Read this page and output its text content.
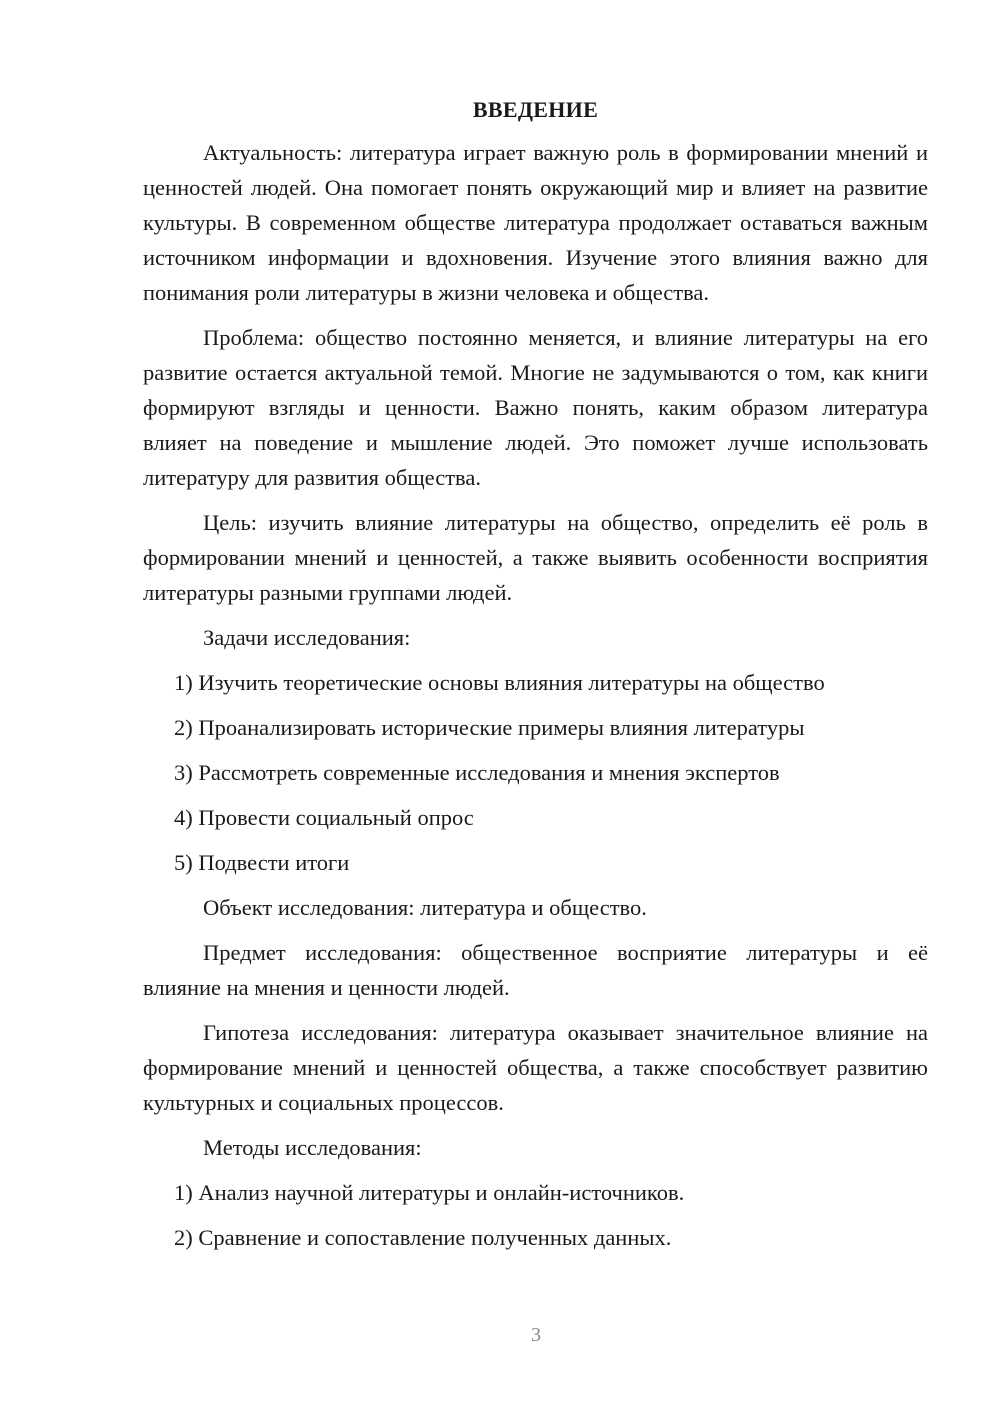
ВВЕДЕНИЕ

Актуальность: литература играет важную роль в формировании мнений и ценностей людей. Она помогает понять окружающий мир и влияет на развитие культуры. В современном обществе литература продолжает оставаться важным источником информации и вдохновения. Изучение этого влияния важно для понимания роли литературы в жизни человека и общества.

Проблема: общество постоянно меняется, и влияние литературы на его развитие остается актуальной темой. Многие не задумываются о том, как книги формируют взгляды и ценности. Важно понять, каким образом литература влияет на поведение и мышление людей. Это поможет лучше использовать литературу для развития общества.

Цель: изучить влияние литературы на общество, определить её роль в формировании мнений и ценностей, а также выявить особенности восприятия литературы разными группами людей.

Задачи исследования:

1) Изучить теоретические основы влияния литературы на общество
2) Проанализировать исторические примеры влияния литературы
3) Рассмотреть современные исследования и мнения экспертов
4) Провести социальный опрос
5) Подвести итоги

Объект исследования: литература и общество.

Предмет исследования: общественное восприятие литературы и её влияние на мнения и ценности людей.

Гипотеза исследования: литература оказывает значительное влияние на формирование мнений и ценностей общества, а также способствует развитию культурных и социальных процессов.

Методы исследования:

1) Анализ научной литературы и онлайн-источников.
2) Сравнение и сопоставление полученных данных.
3
